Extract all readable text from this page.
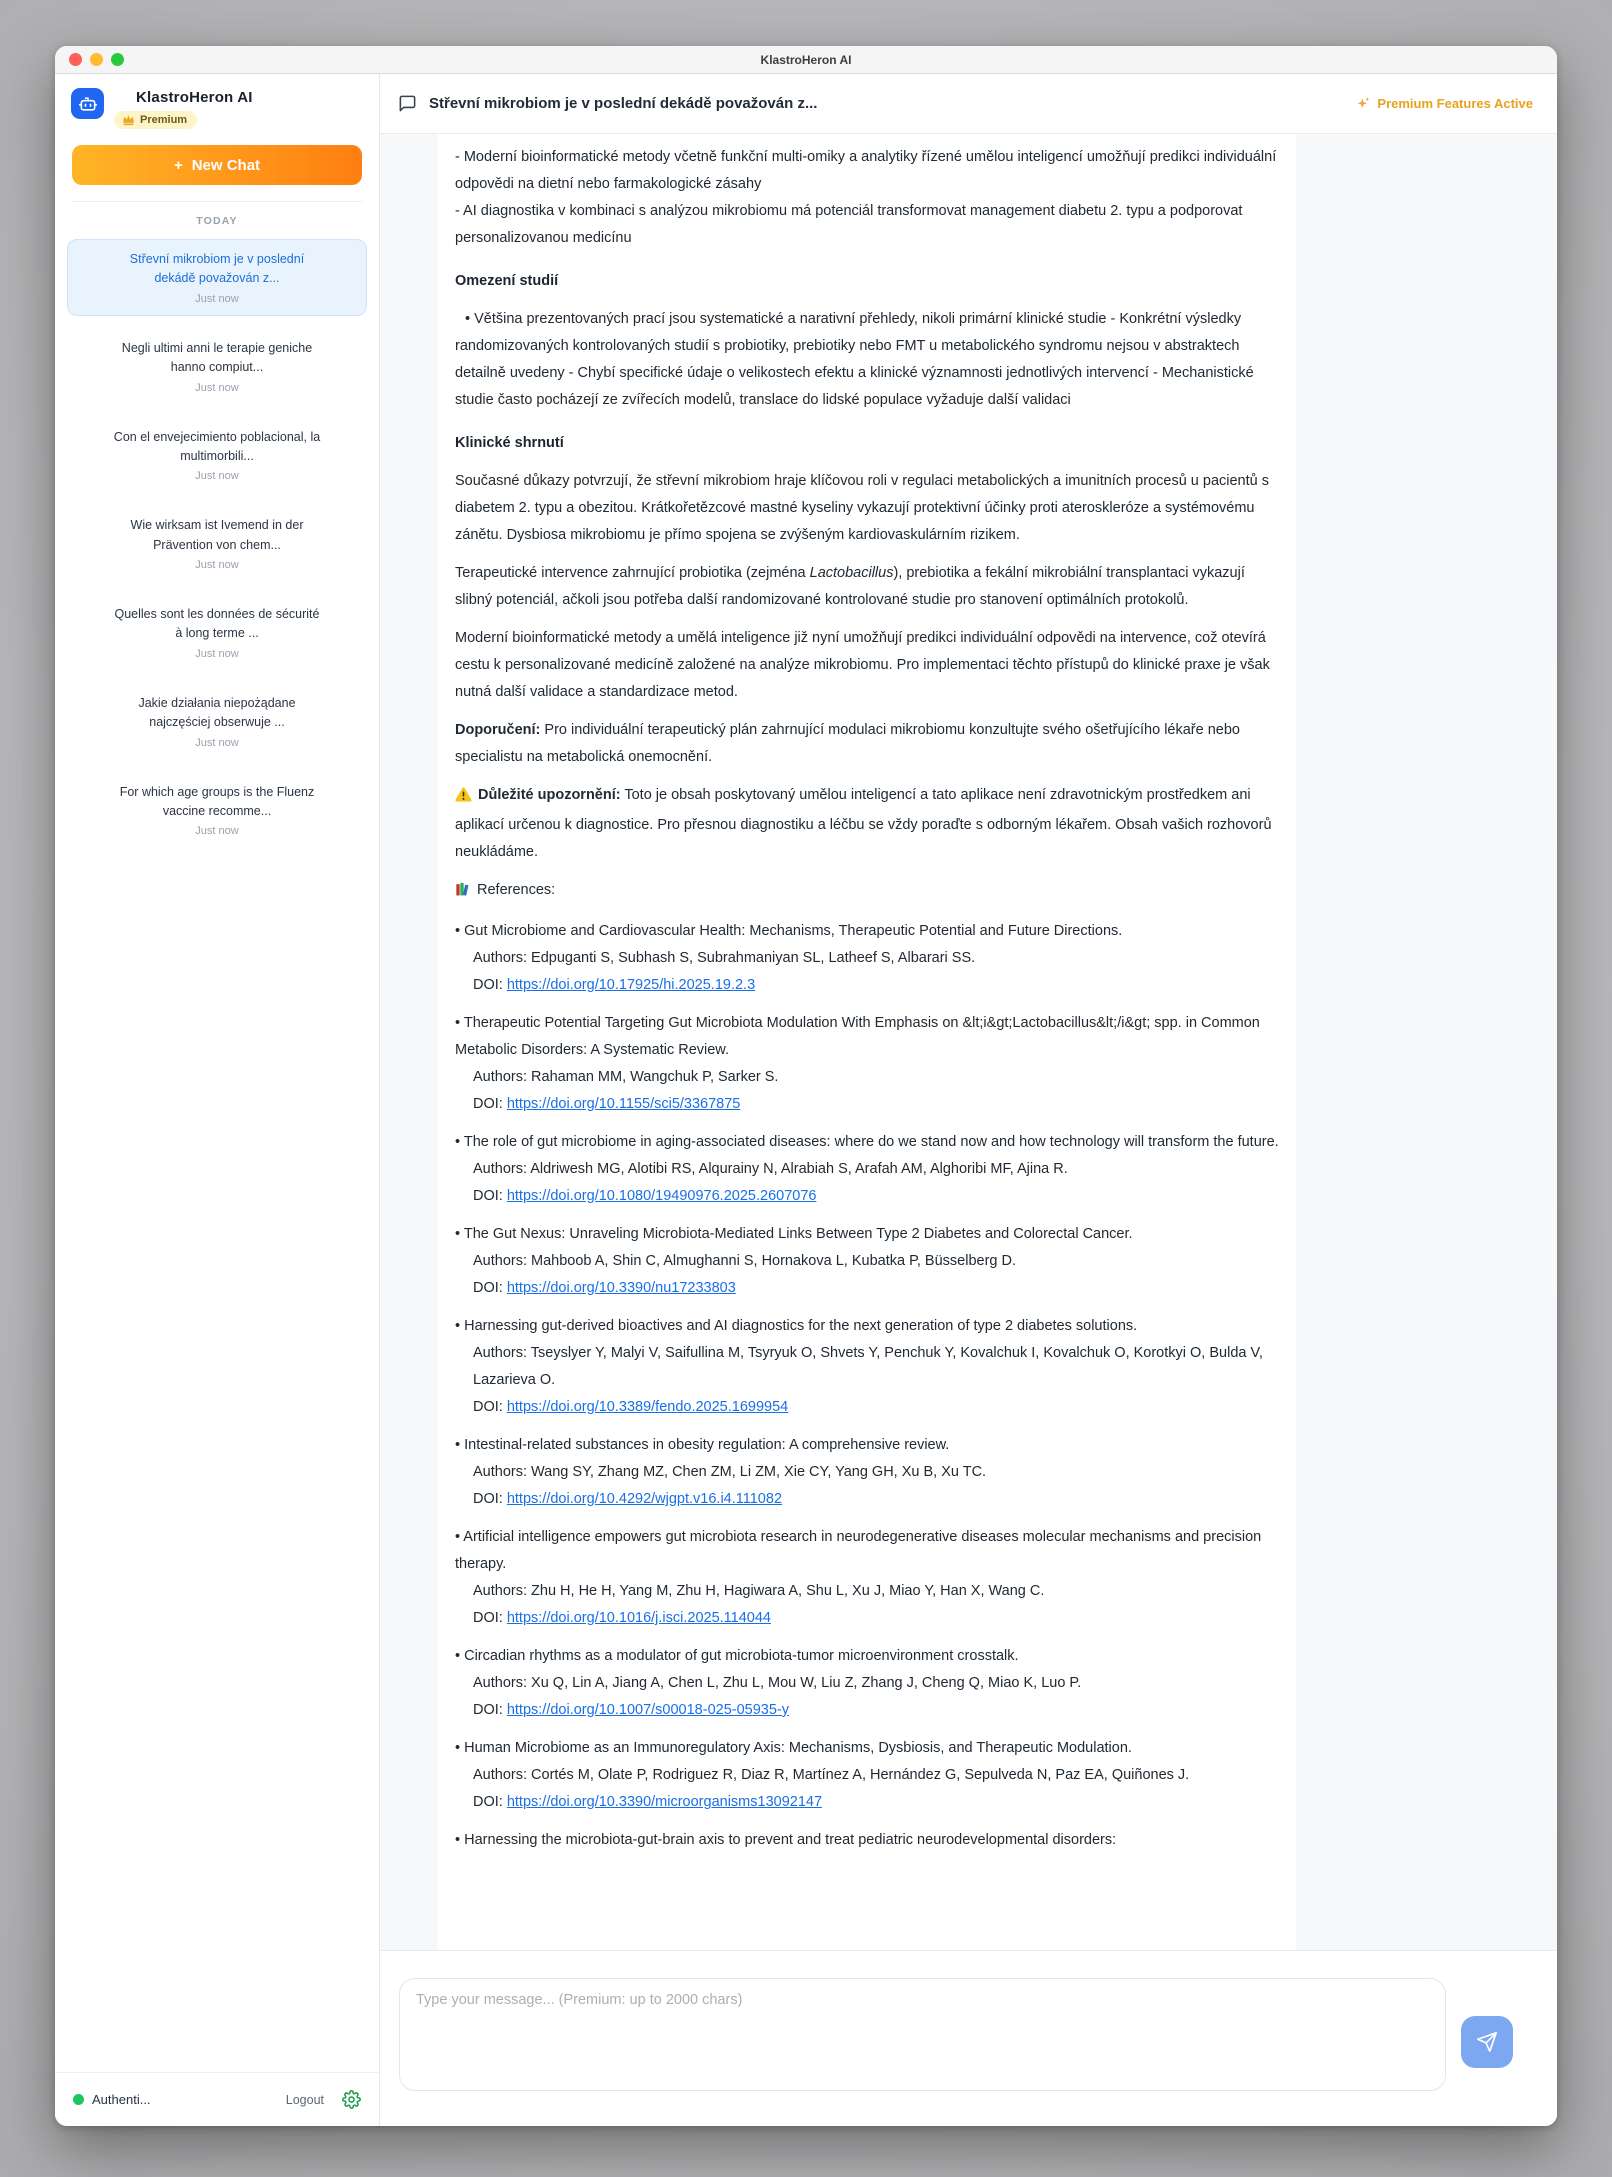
KlastroHeron AI
KlastroHeron AI
Premium
+ New Chat
TODAY
Střevní mikrobiom je v poslední dekádě považován z...
Just now
Negli ultimi anni le terapie geniche hanno compiut...
Just now
Con el envejecimiento poblacional, la multimorbili...
Just now
Wie wirksam ist Ivemend in der Prävention von chem...
Just now
Quelles sont les données de sécurité à long terme ...
Just now
Jakie działania niepożądane najczęściej obserwuje ...
Just now
For which age groups is the Fluenz vaccine recomme...
Just now
Authenti...	Logout
Střevní mikrobiom je v poslední dekádě považován z...	Premium Features Active
- Moderní bioinformatické metody včetně funkční multi-omiky a analytiky řízené umělou inteligencí umožňují predikci individuální odpovědi na dietní nebo farmakologické zásahy
- AI diagnostika v kombinaci s analýzou mikrobiomu má potenciál transformovat management diabetu 2. typu a podporovat personalizovanou medicínu
Omezení studií
• Většina prezentovaných prací jsou systematické a narativní přehledy, nikoli primární klinické studie - Konkrétní výsledky randomizovaných kontrolovaných studií s probiotiky, prebiotiky nebo FMT u metabolického syndromu nejsou v abstraktech detailně uvedeny - Chybí specifické údaje o velikostech efektu a klinické významnosti jednotlivých intervencí - Mechanistické studie často pocházejí ze zvířecích modelů, translace do lidské populace vyžaduje další validaci
Klinické shrnutí

Současné důkazy potvrzují, že střevní mikrobiom hraje klíčovou roli v regulaci metabolických a imunitních procesů u pacientů s diabetem 2. typu a obezitou. Krátkořetězcové mastné kyseliny vykazují protektivní účinky proti ateroskleróze a systémovému zánětu. Dysbiosa mikrobiomu je přímo spojena se zvýšeným kardiovaskulárním rizikem.

Terapeutické intervence zahrnující probiotika (zejména Lactobacillus), prebiotika a fekální mikrobiální transplantaci vykazují slibný potenciál, ačkoli jsou potřeba další randomizované kontrolované studie pro stanovení optimálních protokolů.

Moderní bioinformatické metody a umělá inteligence již nyní umožňují predikci individuální odpovědi na intervence, což otevírá cestu k personalizované medicíně založené na analýze mikrobiomu. Pro implementaci těchto přístupů do klinické praxe je však nutná další validace a standardizace metod.

Doporučení: Pro individuální terapeutický plán zahrnující modulaci mikrobiomu konzultujte svého ošetřujícího lékaře nebo specialistu na metabolická onemocnění.

Důležité upozornění: Toto je obsah poskytovaný umělou inteligencí a tato aplikace není zdravotnickým prostředkem ani aplikací určenou k diagnostice. Pro přesnou diagnostiku a léčbu se vždy poraďte s odborným lékařem. Obsah vašich rozhovorů neukládáme.

References:

• Gut Microbiome and Cardiovascular Health: Mechanisms, Therapeutic Potential and Future Directions.
Authors: Edpuganti S, Subhash S, Subrahmaniyan SL, Latheef S, Albarari SS.
DOI: https://doi.org/10.17925/hi.2025.19.2.3
• Therapeutic Potential Targeting Gut Microbiota Modulation With Emphasis on &lt;i&gt;Lactobacillus&lt;/i&gt; spp. in Common Metabolic Disorders: A Systematic Review.
Authors: Rahaman MM, Wangchuk P, Sarker S.
DOI: https://doi.org/10.1155/sci5/3367875
• The role of gut microbiome in aging-associated diseases: where do we stand now and how technology will transform the future.
Authors: Aldriwesh MG, Alotibi RS, Alqurainy N, Alrabiah S, Arafah AM, Alghoribi MF, Ajina R.
DOI: https://doi.org/10.1080/19490976.2025.2607076
• The Gut Nexus: Unraveling Microbiota-Mediated Links Between Type 2 Diabetes and Colorectal Cancer.
Authors: Mahboob A, Shin C, Almughanni S, Hornakova L, Kubatka P, Büsselberg D.
DOI: https://doi.org/10.3390/nu17233803
• Harnessing gut-derived bioactives and AI diagnostics for the next generation of type 2 diabetes solutions.
Authors: Tseyslyer Y, Malyi V, Saifullina M, Tsyryuk O, Shvets Y, Penchuk Y, Kovalchuk I, Kovalchuk O, Korotkyi O, Bulda V, Lazarieva O.
DOI: https://doi.org/10.3389/fendo.2025.1699954
• Intestinal-related substances in obesity regulation: A comprehensive review.
Authors: Wang SY, Zhang MZ, Chen ZM, Li ZM, Xie CY, Yang GH, Xu B, Xu TC.
DOI: https://doi.org/10.4292/wjgpt.v16.i4.111082
• Artificial intelligence empowers gut microbiota research in neurodegenerative diseases molecular mechanisms and precision therapy.
Authors: Zhu H, He H, Yang M, Zhu H, Hagiwara A, Shu L, Xu J, Miao Y, Han X, Wang C.
DOI: https://doi.org/10.1016/j.isci.2025.114044
• Circadian rhythms as a modulator of gut microbiota-tumor microenvironment crosstalk.
Authors: Xu Q, Lin A, Jiang A, Chen L, Zhu L, Mou W, Liu Z, Zhang J, Cheng Q, Miao K, Luo P.
DOI: https://doi.org/10.1007/s00018-025-05935-y
• Human Microbiome as an Immunoregulatory Axis: Mechanisms, Dysbiosis, and Therapeutic Modulation.
Authors: Cortés M, Olate P, Rodriguez R, Diaz R, Martínez A, Hernández G, Sepulveda N, Paz EA, Quiñones J.
DOI: https://doi.org/10.3390/microorganisms13092147
• Harnessing the microbiota-gut-brain axis to prevent and treat pediatric neurodevelopmental disorders:
Type your message... (Premium: up to 2000 chars)
